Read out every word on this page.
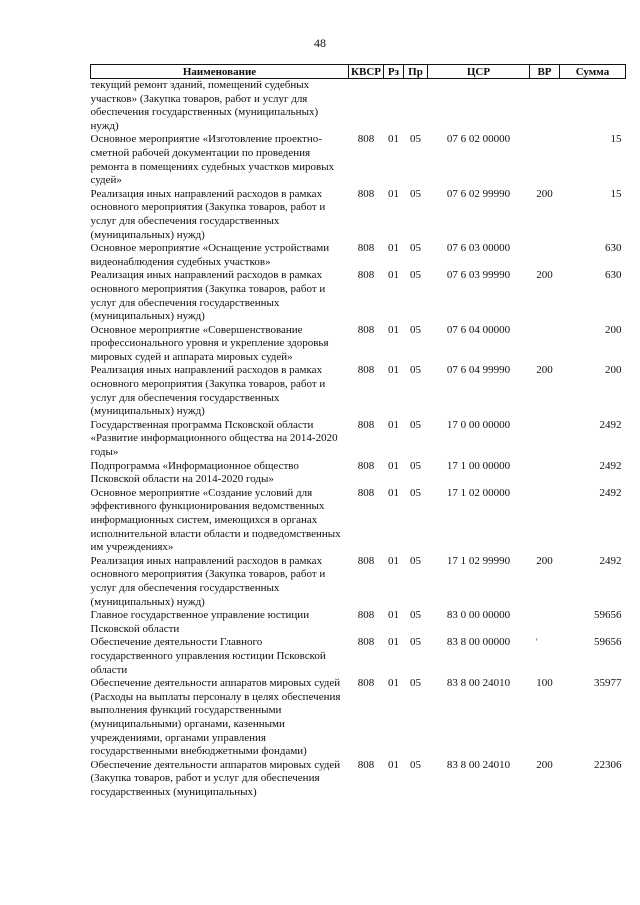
48
Наименование	КВСР	Рз	Пр	ЦСР	ВР	Сумма
текущий ремонт зданий, помещений судебных участков» (Закупка товаров, работ и услуг для обеспечения государственных (муниципальных) нужд)						
Основное мероприятие «Изготовление проектно-сметной рабочей документации по проведения ремонта в помещениях судебных участков мировых судей»	808	01	05	07 6 02 00000		15
Реализация иных направлений расходов в рамках основного мероприятия (Закупка товаров, работ и услуг для обеспечения государственных (муниципальных) нужд)	808	01	05	07 6 02 99990	200	15
Основное мероприятие «Оснащение устройствами видеонаблюдения судебных участков»	808	01	05	07 6 03 00000		630
Реализация иных направлений расходов в рамках основного мероприятия (Закупка товаров, работ и услуг для обеспечения государственных (муниципальных) нужд)	808	01	05	07 6 03 99990	200	630
Основное мероприятие «Совершенствование профессионального уровня и укрепление здоровья мировых судей и аппарата мировых судей»	808	01	05	07 6 04 00000		200
Реализация иных направлений расходов в рамках основного мероприятия (Закупка товаров, работ и услуг для обеспечения государственных (муниципальных) нужд)	808	01	05	07 6 04 99990	200	200
Государственная программа Псковской области «Развитие информационного общества на 2014-2020 годы»	808	01	05	17 0 00 00000		2492
Подпрограмма «Информационное общество Псковской области на 2014-2020 годы»	808	01	05	17 1 00 00000		2492
Основное мероприятие «Создание условий для эффективного функционирования ведомственных информационных систем, имеющихся в органах исполнительной власти области и подведомственных им учреждениях»	808	01	05	17 1 02 00000		2492
Реализация иных направлений расходов в рамках основного мероприятия (Закупка товаров, работ и услуг для обеспечения государственных (муниципальных) нужд)	808	01	05	17 1 02 99990	200	2492
Главное государственное управление юстиции Псковской области	808	01	05	83 0 00 00000		59656
Обеспечение деятельности Главного государственного управления юстиции Псковской области	808	01	05	83 8 00 00000		59656
Обеспечение деятельности аппаратов мировых судей (Расходы на выплаты персоналу в целях обеспечения выполнения функций государственными (муниципальными) органами, казенными учреждениями, органами управления государственными внебюджетными фондами)	808	01	05	83 8 00 24010	100	35977
Обеспечение деятельности аппаратов мировых судей (Закупка товаров, работ и услуг для обеспечения государственных (муниципальных)	808	01	05	83 8 00 24010	200	22306
'
